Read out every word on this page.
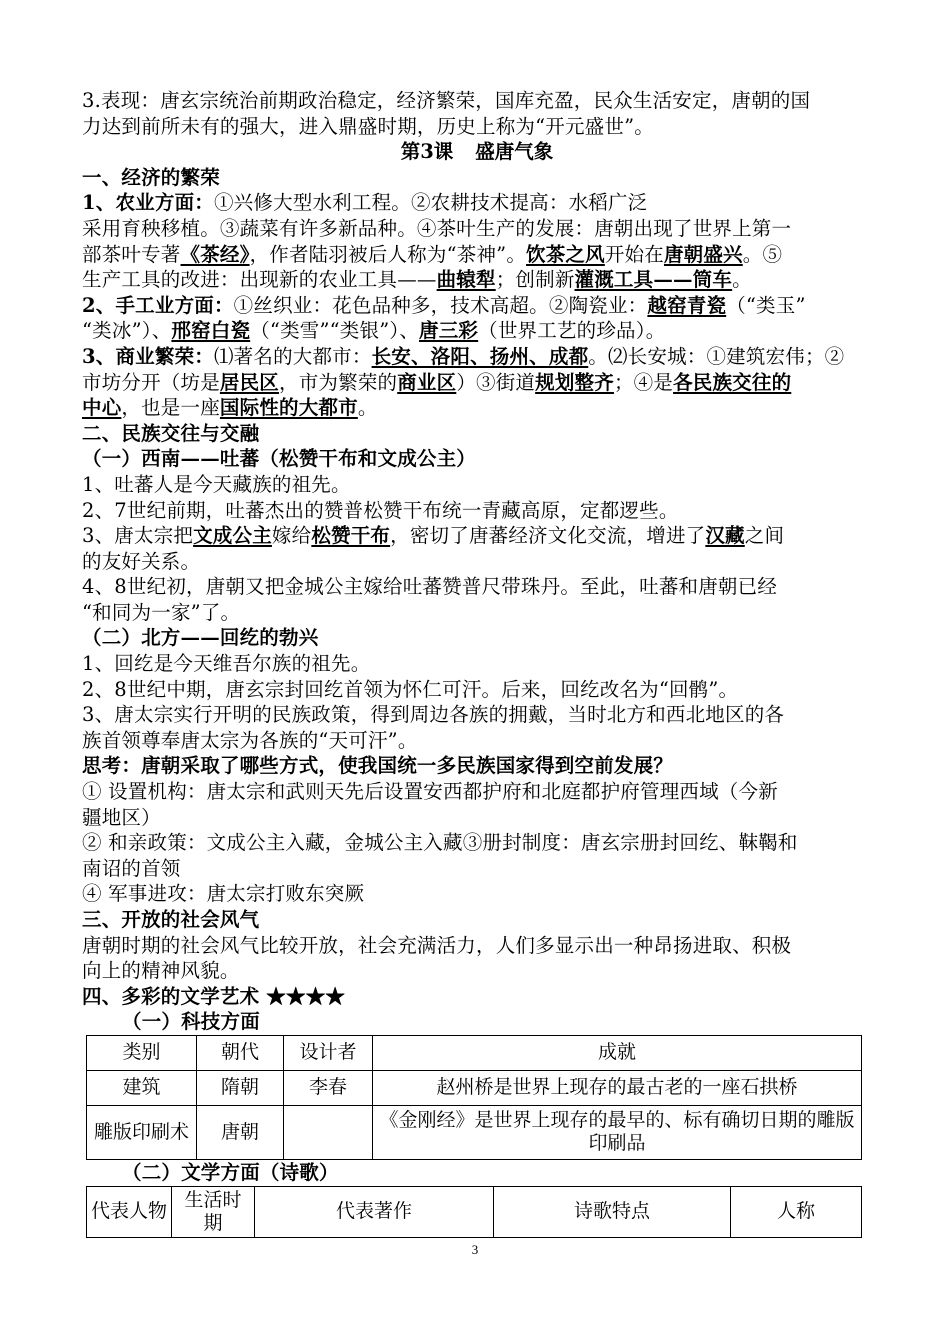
3.表现：唐玄宗统治前期政治稳定，经济繁荣，国库充盈，民众生活安定，唐朝的国

力达到前所未有的强大，进入鼎盛时期，历史上称为“开元盛世”。

第3课 盛唐气象

一、经济的繁荣

1、农业方面：①兴修大型水利工程。②农耕技术提高：水稻广泛
采用育秧移植。③蔬菜有许多新品种。④茶叶生产的发展：唐朝出现了世界上第一
部茶叶专著《茶经》，作者陆羽被后人称为“茶神”。饮茶之风开始在唐朝盛兴。⑤
生产工具的改进：出现新的农业工具——曲辕犁；创制新灌溉工具——筒车。

2、手工业方面：①丝织业：花色品种多，技术高超。②陶瓷业：越窑青瓷（“类玉”
“类冰”）、邢窑白瓷（“类雪”“类银”）、唐三彩（世界工艺的珍品）。

3、商业繁荣：⑴著名的大都市：长安、洛阳、扬州、成都。⑵长安城：①建筑宏伟；②
市坊分开（坊是居民区，市为繁荣的商业区）③街道规划整齐；④是各民族交往的
中心，也是一座国际性的大都市。

二、民族交往与交融

（一）西南——吐蕃（松赞干布和文成公主）

1、吐蕃人是今天藏族的祖先。

2、7世纪前期，吐蕃杰出的赞普松赞干布统一青藏高原，定都逻些。

3、唐太宗把文成公主嫁给松赞干布，密切了唐蕃经济文化交流，增进了汉藏之间
的友好关系。

4、8世纪初，唐朝又把金城公主嫁给吐蕃赞普尺带珠丹。至此，吐蕃和唐朝已经
“和同为一家”了。

（二）北方——回纥的勃兴

1、回纥是今天维吾尔族的祖先。

2、8世纪中期，唐玄宗封回纥首领为怀仁可汗。后来，回纥改名为“回鹘”。

3、唐太宗实行开明的民族政策，得到周边各族的拥戴，当时北方和西北地区的各
族首领尊奉唐太宗为各族的“天可汗”。

思考：唐朝采取了哪些方式，使我国统一多民族国家得到空前发展？

① 设置机构：唐太宗和武则天先后设置安西都护府和北庭都护府管理西域（今新
疆地区）

② 和亲政策：文成公主入藏，金城公主入藏③册封制度：唐玄宗册封回纥、靺鞨和
南诏的首领

④ 军事进攻：唐太宗打败东突厥

三、开放的社会风气

唐朝时期的社会风气比较开放，社会充满活力，人们多显示出一种昂扬进取、积极
向上的精神风貌。

四、多彩的文学艺术 ★★★★

（一）科技方面

类别	朝代	设计者	成就
建筑	隋朝	李春	赵州桥是世界上现存的最古老的一座石拱桥
雕版印刷术	唐朝		《金刚经》是世界上现存的最早的、标有确切日期的雕版印刷品

（二）文学方面（诗歌）

代表人物	生活时期	代表著作	诗歌特点	人称
3
